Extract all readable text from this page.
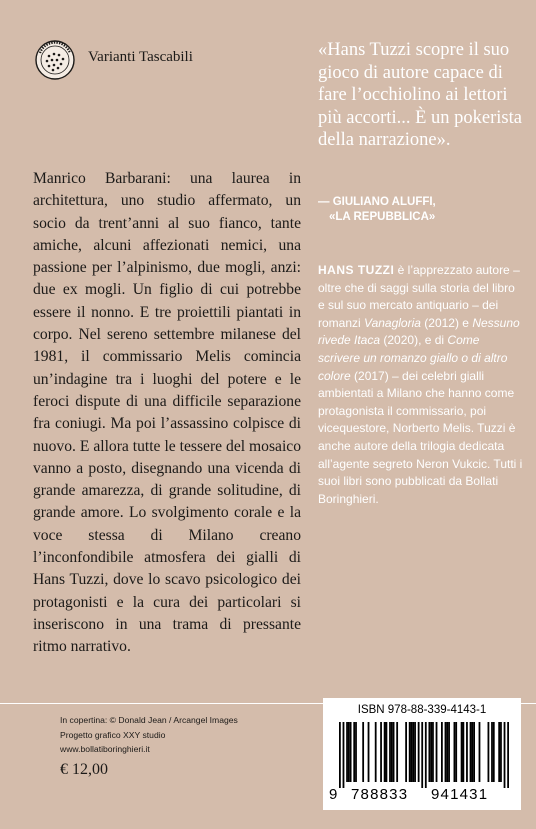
Varianti Tascabili	«Hans Tuzzi scopre il suo gioco di autore capace di fare l’occhiolino ai lettori più accorti... È un pokerista della narrazione».
— GIULIANO ALUFFI,
«LA REPUBBLICA»
Manrico Barbarani: una laurea in architettura, uno studio affermato, un socio da trent’anni al suo fianco, tante amiche, alcuni affezionati nemici, una passione per l’alpinismo, due mogli, anzi: due ex mogli. Un figlio di cui potrebbe essere il nonno. E tre proiettili piantati in corpo. Nel sereno settembre milanese del 1981, il commissario Melis comincia un’indagine tra i luoghi del potere e le feroci dispute di una difficile separazione fra coniugi. Ma poi l’assassino colpisce di nuovo. E allora tutte le tessere del mosaico vanno a posto, disegnando una vicenda di grande amarezza, di grande solitudine, di grande amore. Lo svolgimento corale e la voce stessa di Milano creano l’inconfondibile atmosfera dei gialli di Hans Tuzzi, dove lo scavo psicologico dei protagonisti e la cura dei particolari si inseriscono in una trama di pressante ritmo narrativo.
HANS TUZZI è l’apprezzato autore – oltre che di saggi sulla storia del libro e sul suo mercato antiquario – dei romanzi Vanagloria (2012) e Nessuno rivede Itaca (2020), e di Come scrivere un romanzo giallo o di altro colore (2017) – dei celebri gialli ambientati a Milano che hanno come protagonista il commissario, poi vicequestore, Norberto Melis. Tuzzi è anche autore della trilogia dedicata all’agente segreto Neron Vukcic. Tutti i suoi libri sono pubblicati da Bollati Boringhieri.
In copertina: © Donald Jean / Arcangel Images
Progetto grafico XXY studio
www.bollatiboringhieri.it
€ 12,00
ISBN 978-88-339-4143-1
9 788833 941431
